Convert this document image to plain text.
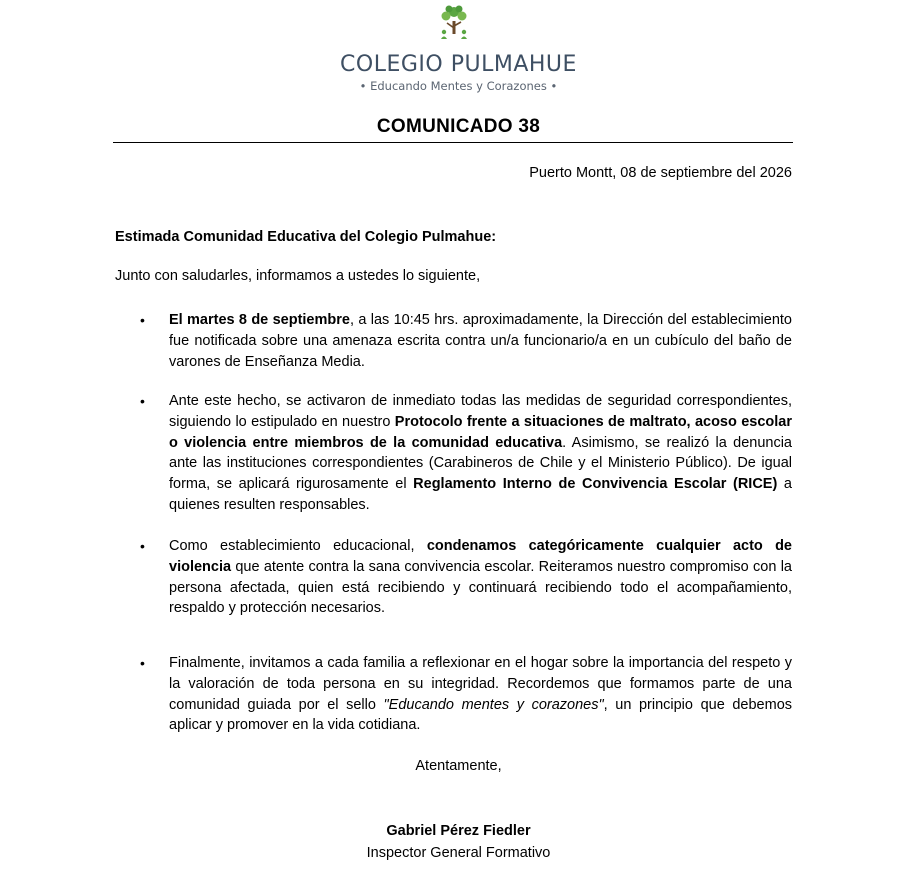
COLEGIO PULMAHUE
• Educando Mentes y Corazones •
COMUNICADO 38
Puerto Montt, 08 de septiembre del 2026
Estimada Comunidad Educativa del Colegio Pulmahue:
Junto con saludarles, informamos a ustedes lo siguiente,
• El martes 8 de septiembre, a las 10:45 hrs. aproximadamente, la Dirección del establecimiento fue notificada sobre una amenaza escrita contra un/a funcionario/a en un cubículo del baño de varones de Enseñanza Media.
• Ante este hecho, se activaron de inmediato todas las medidas de seguridad correspondientes, siguiendo lo estipulado en nuestro Protocolo frente a situaciones de maltrato, acoso escolar o violencia entre miembros de la comunidad educativa. Asimismo, se realizó la denuncia ante las instituciones correspondientes (Carabineros de Chile y el Ministerio Público). De igual forma, se aplicará rigurosamente el Reglamento Interno de Convivencia Escolar (RICE) a quienes resulten responsables.
• Como establecimiento educacional, condenamos categóricamente cualquier acto de violencia que atente contra la sana convivencia escolar. Reiteramos nuestro compromiso con la persona afectada, quien está recibiendo y continuará recibiendo todo el acompañamiento, respaldo y protección necesarios.
• Finalmente, invitamos a cada familia a reflexionar en el hogar sobre la importancia del respeto y la valoración de toda persona en su integridad. Recordemos que formamos parte de una comunidad guiada por el sello "Educando mentes y corazones", un principio que debemos aplicar y promover en la vida cotidiana.
Atentamente,
Gabriel Pérez Fiedler
Inspector General Formativo
